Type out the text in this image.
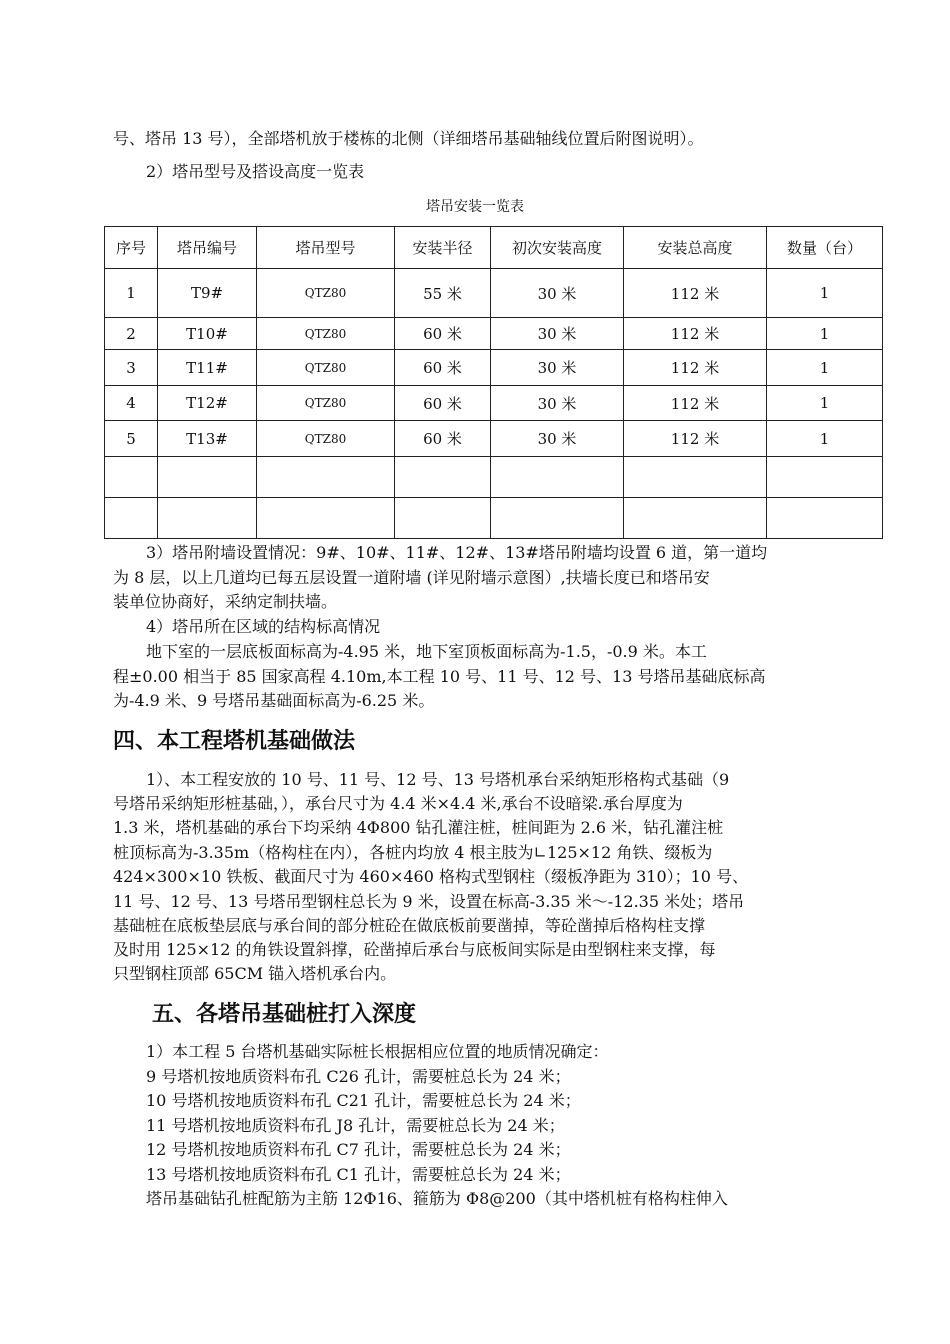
号、塔吊 13 号），全部塔机放于楼栋的北侧（详细塔吊基础轴线位置后附图说明）。
2）塔吊型号及搭设高度一览表
塔吊安装一览表
序号	塔吊编号	塔吊型号	安装半径	初次安装高度	安装总高度	数量（台）
1	T9#	QTZ80	55 米	30 米	112 米	1
2	T10#	QTZ80	60 米	30 米	112 米	1
3	T11#	QTZ80	60 米	30 米	112 米	1
4	T12#	QTZ80	60 米	30 米	112 米	1
5	T13#	QTZ80	60 米	30 米	112 米	1

3）塔吊附墙设置情况：9#、10#、11#、12#、13#塔吊附墙均设置 6 道，第一道均
为 8 层，以上几道均已每五层设置一道附墙 (详见附墙示意图）,扶墙长度已和塔吊安
装单位协商好，采纳定制扶墙。
4）塔吊所在区域的结构标高情况
地下室的一层底板面标高为-4.95 米，地下室顶板面标高为-1.5，-0.9 米。本工
程±0.00 相当于 85 国家高程 4.10m,本工程 10 号、11 号、12 号、13 号塔吊基础底标高
为-4.9 米、9 号塔吊基础面标高为-6.25 米。
四、本工程塔机基础做法
1）、本工程安放的 10 号、11 号、12 号、13 号塔机承台采纳矩形格构式基础（9
号塔吊采纳矩形桩基础，），承台尺寸为 4.4 米×4.4 米,承台不设暗梁.承台厚度为
1.3 米，塔机基础的承台下均采纳 4Φ800 钻孔灌注桩，桩间距为 2.6 米，钻孔灌注桩
桩顶标高为-3.35m（格构柱在内），各桩内均放 4 根主肢为∟125×12 角铁、缀板为
424×300×10 铁板、截面尺寸为 460×460 格构式型钢柱（缀板净距为 310）；10 号、
11 号、12 号、13 号塔吊型钢柱总长为 9 米，设置在标高-3.35 米～-12.35 米处；塔吊
基础桩在底板垫层底与承台间的部分桩砼在做底板前要凿掉，等砼凿掉后格构柱支撑
及时用 125×12 的角铁设置斜撑，砼凿掉后承台与底板间实际是由型钢柱来支撑，每
只型钢柱顶部 65CM 锚入塔机承台内。
五、各塔吊基础桩打入深度
1）本工程 5 台塔机基础实际桩长根据相应位置的地质情况确定：
9 号塔机按地质资料布孔 C26 孔计，需要桩总长为 24 米；
10 号塔机按地质资料布孔 C21 孔计，需要桩总长为 24 米；
11 号塔机按地质资料布孔 J8 孔计，需要桩总长为 24 米；
12 号塔机按地质资料布孔 C7 孔计，需要桩总长为 24 米；
13 号塔机按地质资料布孔 C1 孔计，需要桩总长为 24 米；
塔吊基础钻孔桩配筋为主筋 12Φ16、箍筋为 Φ8@200（其中塔机桩有格构柱伸入
